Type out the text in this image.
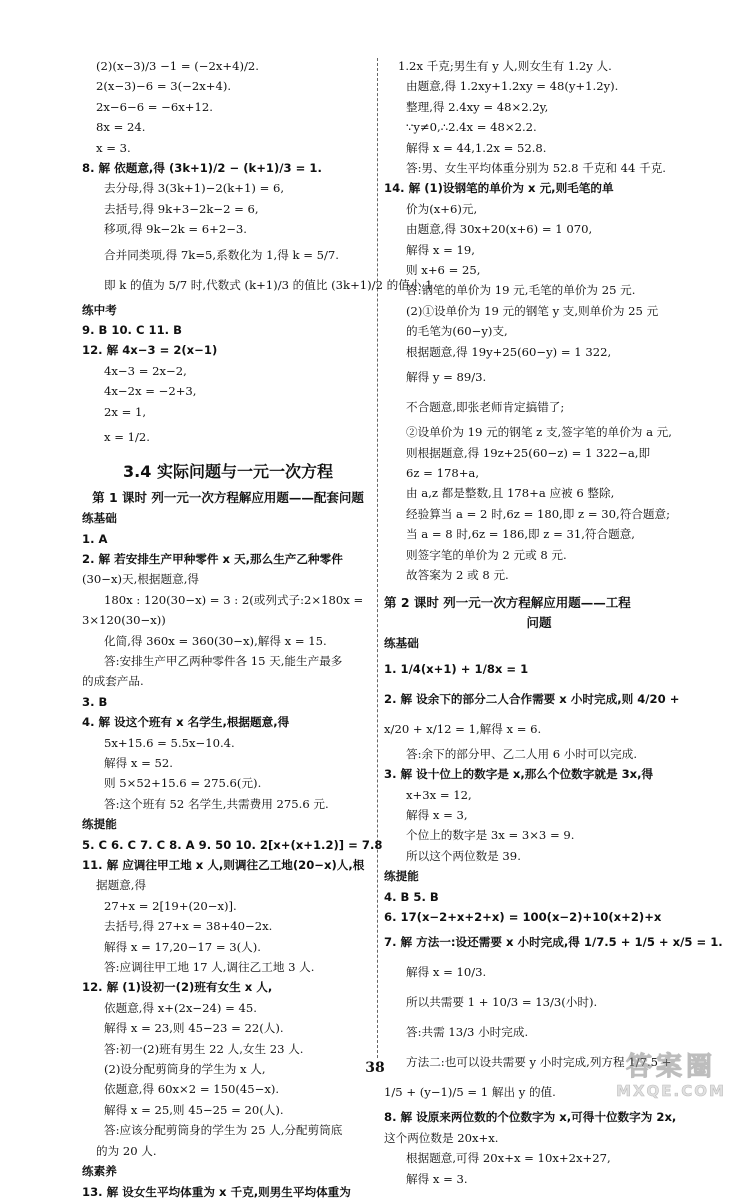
(2)(x−3)/3 −1 = (−2x+4)/2.
2(x−3)−6 = 3(−2x+4).
2x−6−6 = −6x+12.
8x = 24.
x = 3.
8. 解 依题意,得 (3k+1)/2 − (k+1)/3 = 1.
去分母,得 3(3k+1)−2(k+1) = 6,
去括号,得 9k+3−2k−2 = 6,
移项,得 9k−2k = 6+2−3.
合并同类项,得 7k=5,系数化为 1,得 k = 5/7.
即 k 的值为 5/7 时,代数式 (k+1)/3 的值比 (3k+1)/2 的值小 1.
练中考
9. B 10. C 11. B
12. 解 4x−3 = 2(x−1)
4x−3 = 2x−2,
4x−2x = −2+3,
2x = 1,
x = 1/2.
3.4 实际问题与一元一次方程
第 1 课时 列一元一次方程解应用题——配套问题
练基础
1. A
2. 解 若安排生产甲种零件 x 天,那么生产乙种零件
(30−x)天,根据题意,得
180x : 120(30−x) = 3 : 2(或列式子:2×180x =
3×120(30−x))
化简,得 360x = 360(30−x),解得 x = 15.
答:安排生产甲乙两种零件各 15 天,能生产最多
的成套产品.
3. B
4. 解 设这个班有 x 名学生,根据题意,得
5x+15.6 = 5.5x−10.4.
解得 x = 52.
则 5×52+15.6 = 275.6(元).
答:这个班有 52 名学生,共需费用 275.6 元.
练提能
5. C 6. C 7. C 8. A 9. 50 10. 2[x+(x+1.2)] = 7.8
11. 解 应调往甲工地 x 人,则调往乙工地(20−x)人,根
据题意,得
27+x = 2[19+(20−x)].
去括号,得 27+x = 38+40−2x.
解得 x = 17,20−17 = 3(人).
答:应调往甲工地 17 人,调往乙工地 3 人.
12. 解 (1)设初一(2)班有女生 x 人,
依题意,得 x+(2x−24) = 45.
解得 x = 23,则 45−23 = 22(人).
答:初一(2)班有男生 22 人,女生 23 人.
(2)设分配剪筒身的学生为 x 人,
依题意,得 60x×2 = 150(45−x).
解得 x = 25,则 45−25 = 20(人).
答:应该分配剪筒身的学生为 25 人,分配剪筒底
的为 20 人.
练素养
13. 解 设女生平均体重为 x 千克,则男生平均体重为
1.2x 千克;男生有 y 人,则女生有 1.2y 人.
由题意,得 1.2xy+1.2xy = 48(y+1.2y).
整理,得 2.4xy = 48×2.2y,
∵y≠0,∴2.4x = 48×2.2.
解得 x = 44,1.2x = 52.8.
答:男、女生平均体重分别为 52.8 千克和 44 千克.
14. 解 (1)设钢笔的单价为 x 元,则毛笔的单
价为(x+6)元,
由题意,得 30x+20(x+6) = 1 070,
解得 x = 19,
则 x+6 = 25,
答:钢笔的单价为 19 元,毛笔的单价为 25 元.
(2)①设单价为 19 元的钢笔 y 支,则单价为 25 元
的毛笔为(60−y)支,
根据题意,得 19y+25(60−y) = 1 322,
解得 y = 89/3.
不合题意,即张老师肯定搞错了;
②设单价为 19 元的钢笔 z 支,签字笔的单价为 a 元,
则根据题意,得 19z+25(60−z) = 1 322−a,即
6z = 178+a,
由 a,z 都是整数,且 178+a 应被 6 整除,
经验算当 a = 2 时,6z = 180,即 z = 30,符合题意;
当 a = 8 时,6z = 186,即 z = 31,符合题意,
则签字笔的单价为 2 元或 8 元.
故答案为 2 或 8 元.
第 2 课时 列一元一次方程解应用题——工程
问题
练基础
1. 1/4(x+1) + 1/8x = 1
2. 解 设余下的部分二人合作需要 x 小时完成,则 4/20 +
x/20 + x/12 = 1,解得 x = 6.
答:余下的部分甲、乙二人用 6 小时可以完成.
3. 解 设十位上的数字是 x,那么个位数字就是 3x,得
x+3x = 12,
解得 x = 3,
个位上的数字是 3x = 3×3 = 9.
所以这个两位数是 39.
练提能
4. B 5. B
6. 17(x−2+x+2+x) = 100(x−2)+10(x+2)+x
7. 解 方法一:设还需要 x 小时完成,得 1/7.5 + 1/5 + x/5 = 1.
解得 x = 10/3.
所以共需要 1 + 10/3 = 13/3(小时).
答:共需 13/3 小时完成.
方法二:也可以设共需要 y 小时完成,列方程 1/7.5 +
1/5 + (y−1)/5 = 1 解出 y 的值.
8. 解 设原来两位数的个位数字为 x,可得十位数字为 2x,
这个两位数是 20x+x.
根据题意,可得 20x+x = 10x+2x+27,
解得 x = 3.
38	答案圈
MXQE.COM
